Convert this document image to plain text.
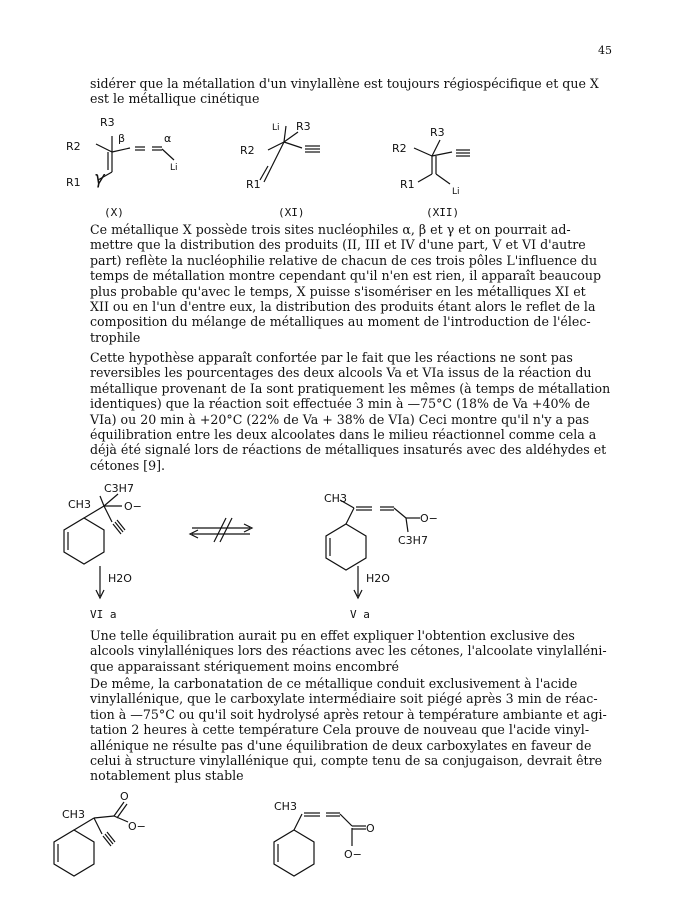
45

sidérer que la métallation d'un vinylallène est toujours régiospécifique et que X
est le métallique cinétique

R3
R2
R1
β	α
γ	Li
Li R3
R2
R1
R3
R2
R1
Li
(X)	(XI)	(XII)

Ce métallique X possède trois sites nucléophiles α, β et γ et on pourrait ad-
mettre que la distribution des produits (II, III et IV d'une part, V et VI d'autre
part) reflète la nucléophilie relative de chacun de ces trois pôles L'influence du
temps de métallation montre cependant qu'il n'en est rien, il apparaît beaucoup
plus probable qu'avec le temps, X puisse s'isomériser en les métalliques XI et
XII ou en l'un d'entre eux, la distribution des produits étant alors le reflet de la
composition du mélange de métalliques au moment de l'introduction de l'élec-
trophile

Cette hypothèse apparaît confortée par le fait que les réactions ne sont pas
reversibles les pourcentages des deux alcools Va et VIa issus de la réaction du
métallique provenant de Ia sont pratiquement les mêmes (à temps de métallation
identiques) que la réaction soit effectuée 3 min à —75°C (18% de Va +40% de
VIa) ou 20 min à +20°C (22% de Va + 38% de VIa) Ceci montre qu'il n'y a pas
équilibration entre les deux alcoolates dans le milieu réactionnel comme cela a
déjà été signalé lors de réactions de métalliques insaturés avec des aldéhydes et
cétones [9].

C3H7
CH3	O−
CH3
O−
C3H7
H2O	H2O
VI a	V a

Une telle équilibration aurait pu en effet expliquer l'obtention exclusive des
alcools vinylalléniques lors des réactions avec les cétones, l'alcoolate vinylalléni-
que apparaissant stériquement moins encombré

De même, la carbonatation de ce métallique conduit exclusivement à l'acide
vinylallénique, que le carboxylate intermédiaire soit piégé après 3 min de réac-
tion à —75°C ou qu'il soit hydrolysé après retour à température ambiante et agi-
tation 2 heures à cette température Cela prouve de nouveau que l'acide vinyl-
allénique ne résulte pas d'une équilibration de deux carboxylates en faveur de
celui à structure vinylallénique qui, compte tenu de sa conjugaison, devrait être
notablement plus stable

CH3
O
O−
CH3
O
O−
